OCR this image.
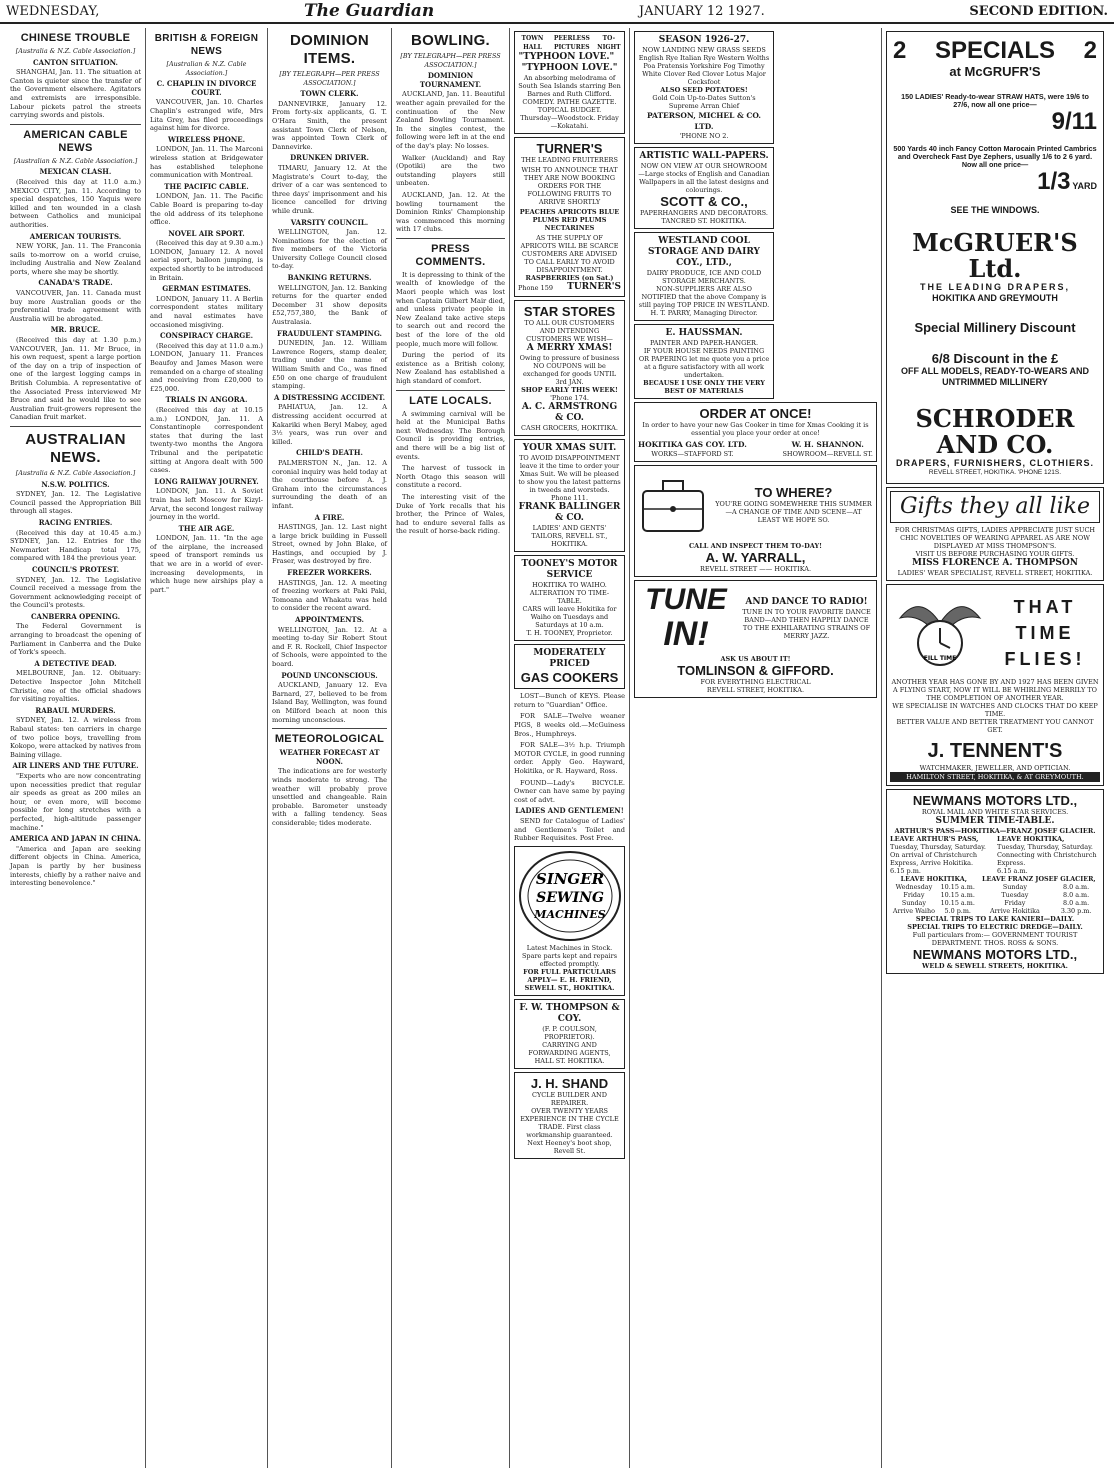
WEDNESDAY,	The Guardian	JANUARY 12 1927.	SECOND EDITION.
CHINESE TROUBLE
[Australia & N.Z. Cable Association.]
CANTON SITUATION.

SHANGHAI, Jan. 11. The situation at Canton is quieter since the transfer of the Government elsewhere. Agitators and extremists are irresponsible. Labour pickets patrol the streets carrying swords and pistols.

AMERICAN CABLE NEWS
[Australian & N.Z. Cable Association.]
MEXICAN CLASH.

(Received this day at 11.0 a.m.) MEXICO CITY, Jan. 11. According to special despatches, 150 Yaquis were killed and ten wounded in a clash between Catholics and municipal authorities.

AMERICAN TOURISTS.

NEW YORK, Jan. 11. The Franconia sails to-morrow on a world cruise, including Australia and New Zealand ports, where she may be shortly.

CANADA'S TRADE.

VANCOUVER, Jan. 11. Canada must buy more Australian goods or the preferential trade agreement with Australia will be abrogated.

MR. BRUCE.

(Received this day at 1.30 p.m.) VANCOUVER, Jan. 11. Mr Bruce, in his own request, spent a large portion of the day on a trip of inspection of one of the largest logging camps in British Columbia. A representative of the Associated Press interviewed Mr Bruce and said he would like to see Australian fruit-growers represent the Canadian fruit market.

AUSTRALIAN NEWS.
[Australia & N.Z. Cable Association.]
N.S.W. POLITICS.

SYDNEY, Jan. 12. The Legislative Council passed the Appropriation Bill through all stages.

RACING ENTRIES.

(Received this day at 10.45 a.m.) SYDNEY, Jan. 12. Entries for the Newmarket Handicap total 175, compared with 184 the previous year.

COUNCIL'S PROTEST.

SYDNEY, Jan. 12. The Legislative Council received a message from the Government acknowledging receipt of the Council's protests.

CANBERRA OPENING.

The Federal Government is arranging to broadcast the opening of Parliament in Canberra and the Duke of York's speech.

A DETECTIVE DEAD.

MELBOURNE, Jan. 12. Obituary: Detective Inspector John Mitchell Christie, one of the official shadows for visiting royalties.

RABAUL MURDERS.

SYDNEY, Jan. 12. A wireless from Rabaul states: ten carriers in charge of two police boys, travelling from Kokopo, were attacked by natives from Baining village.

AIR LINERS AND THE FUTURE.

"Experts who are now concentrating upon necessities predict that regular air speeds as great as 200 miles an hour, or even more, will become possible for long stretches with a perfected, high-altitude passenger machine."

AMERICA AND JAPAN IN CHINA.

"America and Japan are seeking different objects in China. America, Japan is partly by her business interests, chiefly by a rather naive and interesting benevolence."

BRITISH & FOREIGN NEWS
[Australian & N.Z. Cable Association.]
C. CHAPLIN IN DIVORCE COURT.

VANCOUVER, Jan. 10. Charles Chaplin's estranged wife, Mrs Lita Grey, has filed proceedings against him for divorce.

WIRELESS PHONE.

LONDON, Jan. 11. The Marconi wireless station at Bridgewater has established telephone communication with Montreal.

THE PACIFIC CABLE.

LONDON, Jan. 11. The Pacific Cable Board is preparing to-day the old address of its telephone office.

NOVEL AIR SPORT.

(Received this day at 9.30 a.m.) LONDON, January 12. A novel aerial sport, balloon jumping, is expected shortly to be introduced in Britain.

GERMAN ESTIMATES.

LONDON, January 11. A Berlin correspondent states military and naval estimates have occasioned misgiving.

CONSPIRACY CHARGE.

(Received this day at 11.0 a.m.) LONDON, January 11. Frances Beaufoy and James Mason were remanded on a charge of stealing and receiving from £20,000 to £25,000.

TRIALS IN ANGORA.

(Received this day at 10.15 a.m.) LONDON, Jan. 11. A Constantinople correspondent states that during the last twenty-two months the Angora Tribunal and the peripatetic sitting at Angora dealt with 500 cases.

LONG RAILWAY JOURNEY.

LONDON, Jan. 11. A Soviet train has left Moscow for Kizyl-Arvat, the second longest railway journey in the world.

THE AIR AGE.

LONDON, Jan. 11. "In the age of the airplane, the increased speed of transport reminds us that we are in a world of ever-increasing developments, in which huge new airships play a part."

DOMINION ITEMS.
[BY TELEGRAPH—PER PRESS ASSOCIATION.]
TOWN CLERK.

DANNEVIRKE, January 12. From forty-six applicants, G. T. O'Hara Smith, the present assistant Town Clerk of Nelson, was appointed Town Clerk of Dannevirke.

DRUNKEN DRIVER.

TIMARU, January 12. At the Magistrate's Court to-day, the driver of a car was sentenced to three days' imprisonment and his licence cancelled for driving while drunk.

VARSITY COUNCIL.

WELLINGTON, Jan. 12. Nominations for the election of five members of the Victoria University College Council closed to-day.

BANKING RETURNS.

WELLINGTON, Jan. 12. Banking returns for the quarter ended December 31 show deposits £52,757,380, the Bank of Australasia.

FRAUDULENT STAMPING.

DUNEDIN, Jan. 12. William Lawrence Rogers, stamp dealer, trading under the name of William Smith and Co., was fined £50 on one charge of fraudulent stamping.

A DISTRESSING ACCIDENT.

PAHIATUA, Jan. 12. A distressing accident occurred at Kakariki when Beryl Mabey, aged 3½ years, was run over and killed.

CHILD'S DEATH.

PALMERSTON N., Jan. 12. A coronial inquiry was held today at the courthouse before A. J. Graham into the circumstances surrounding the death of an infant.

A FIRE.

HASTINGS, Jan. 12. Last night a large brick building in Fussell Street, owned by John Blake, of Hastings, and occupied by J. Fraser, was destroyed by fire.

FREEZER WORKERS.

HASTINGS, Jan. 12. A meeting of freezing workers at Paki Paki, Tomoana and Whakatu was held to consider the recent award.

APPOINTMENTS.

WELLINGTON, Jan. 12. At a meeting to-day Sir Robert Stout and F. R. Rockell, Chief Inspector of Schools, were appointed to the board.

POUND UNCONSCIOUS.

AUCKLAND, January 12. Eva Barnard, 27, believed to be from Island Bay, Wellington, was found on Milford beach at noon this morning unconscious.

METEOROLOGICAL
WEATHER FORECAST AT NOON.

The indications are for westerly winds moderate to strong. The weather will probably prove unsettled and changeable. Rain probable. Barometer unsteady with a falling tendency. Seas considerable; tides moderate.

BOWLING.
[BY TELEGRAPH—PER PRESS ASSOCIATION.]
DOMINION TOURNAMENT.

AUCKLAND, Jan. 11. Beautiful weather again prevailed for the continuation of the New Zealand Bowling Tournament. In the singles contest, the following were left in at the end of the day's play: No losses.

Walker (Auckland) and Ray (Opotiki) are the two outstanding players still unbeaten.

AUCKLAND, Jan. 12. At the bowling tournament the Dominion Rinks' Championship was commenced this morning with 17 clubs.

PRESS COMMENTS.

It is depressing to think of the wealth of knowledge of the Maori people which was lost when Captain Gilbert Mair died, and unless private people in New Zealand take active steps to search out and record the best of the lore of the old people, much more will follow.

During the period of its existence as a British colony, New Zealand has established a high standard of comfort.

LATE LOCALS.

A swimming carnival will be held at the Municipal Baths next Wednesday. The Borough Council is providing entries, and there will be a big list of events.

The harvest of tussock in North Otago this season will constitute a record.

The interesting visit of the Duke of York recalls that his brother, the Prince of Wales, had to endure several falls as the result of horse-back riding.

TOWN HALL
PEERLESS PICTURES
TO-NIGHT
"TYPHOON LOVE."   "TYPHOON LOVE."
An absorbing melodrama of South Sea Islands starring Ben Barnes and Ruth Clifford.
COMEDY. PATHE GAZETTE. TOPICAL BUDGET.
Thursday—Woodstock. Friday—Kokatahi.
TURNER'S
THE LEADING FRUITERERS
WISH TO ANNOUNCE THAT THEY ARE NOW BOOKING ORDERS FOR THE FOLLOWING FRUITS TO ARRIVE SHORTLY
PEACHES APRICOTS BLUE PLUMS RED PLUMS NECTARINES
AS THE SUPPLY OF APRICOTS WILL BE SCARCE CUSTOMERS ARE ADVISED TO CALL EARLY TO AVOID DISAPPOINTMENT.
RASPBERRIES (on Sat.)
Phone 159 TURNER'S
STAR STORES
TO ALL OUR CUSTOMERS AND INTENDING CUSTOMERS WE WISH—
A MERRY XMAS!
Owing to pressure of business NO COUPONS will be exchanged for goods UNTIL 3rd JAN.
SHOP EARLY THIS WEEK!
'Phone 174.
A. C. ARMSTRONG & CO.
CASH GROCERS, HOKITIKA.
YOUR XMAS SUIT.
TO AVOID DISAPPOINTMENT leave it the time to order your Xmas Suit. We will be pleased to show you the latest patterns in tweeds and worsteds.
Phone 111.
FRANK BALLINGER & CO.
LADIES' AND GENTS' TAILORS, REVELL ST., HOKITIKA.
TOONEY'S MOTOR SERVICE
HOKITIKA TO WAIHO.
ALTERATION TO TIME-TABLE.
CARS will leave Hokitika for Waiho on Tuesdays and Saturdays at 10 a.m.
T. H. TOONEY, Proprietor.
MODERATELY PRICED
GAS COOKERS

LOST—Bunch of KEYS. Please return to "Guardian" Office.

FOR SALE—Twelve weaner PIGS, 8 weeks old.—McGuiness Bros., Humphreys.

FOR SALE—3½ h.p. Triumph MOTOR CYCLE, in good running order. Apply Geo. Hayward, Hokitika, or R. Hayward, Ross.

FOUND—Lady's BICYCLE. Owner can have same by paying cost of advt.

LADIES AND GENTLEMEN!

SEND for Catalogue of Ladies' and Gentlemen's Toilet and Rubber Requisites. Post Free.

SINGER
SEWING
MACHINES
Latest Machines in Stock. Spare parts kept and repairs effected promptly.
FOR FULL PARTICULARS APPLY— E. H. FRIEND, SEWELL ST., HOKITIKA.
F. W. THOMPSON & COY.
(F. P. COULSON, PROPRIETOR).
CARRYING AND FORWARDING AGENTS, HALL ST. HOKITIKA.
J. H. SHAND
CYCLE BUILDER AND REPAIRER.
OVER TWENTY YEARS EXPERIENCE IN THE CYCLE TRADE. First class workmanship guaranteed.
Next Heeney's boot shop, Revell St.
SEASON 1926-27.
NOW LANDING NEW GRASS SEEDS
English Rye Italian Rye Western Wolths Poa Pratensis Yorkshire Fog Timothy White Clover Red Clover Lotus Major Cocksfoot
ALSO SEED POTATOES!
Gold Coin Up-to-Dates Sutton's Supreme Arran Chief
PATERSON, MICHEL & CO. LTD.
'PHONE NO 2.
ARTISTIC WALL-PAPERS.
NOW ON VIEW AT OUR SHOWROOM—Large stocks of English and Canadian Wallpapers in all the latest designs and colourings.
SCOTT & CO.,
PAPERHANGERS AND DECORATORS. TANCRED ST. HOKITIKA.
WESTLAND COOL STORAGE AND DAIRY COY., LTD.,
DAIRY PRODUCE, ICE AND COLD STORAGE MERCHANTS.
NON-SUPPLIERS ARE ALSO NOTIFIED that the above Company is still paying TOP PRICE IN WESTLAND.
H. T. PARRY, Managing Director.
E. HAUSSMAN.
PAINTER AND PAPER-HANGER.
IF YOUR HOUSE NEEDS PAINTING OR PAPERING let me quote you a price at a figure satisfactory with all work undertaken.
BECAUSE I USE ONLY THE VERY BEST OF MATERIALS
ORDER AT ONCE!
In order to have your new Gas Cooker in time for Xmas Cooking it is essential you place your order at once!
HOKITIKA GAS COY. LTD.
WORKS—STAFFORD ST.
W. H. SHANNON.
SHOWROOM—REVELL ST.
TO WHERE?
YOU'RE GOING SOMEWHERE THIS SUMMER—A CHANGE OF TIME AND SCENE—AT LEAST WE HOPE SO.
CALL AND INSPECT THEM TO-DAY!
A. W. YARRALL,
REVELL STREET —— HOKITIKA.
TUNE
IN!
AND DANCE TO RADIO!
TUNE IN TO YOUR FAVORITE DANCE BAND—AND THEN HAPPILY DANCE TO THE EXHILARATING STRAINS OF MERRY JAZZ.
ASK US ABOUT IT!
TOMLINSON & GIFFORD.
FOR EVERYTHING ELECTRICAL
REVELL STREET, HOKITIKA.
2 SPECIALS 2
at McGRUFR'S
150 LADIES' Ready-to-wear STRAW HATS, were 19/6 to 27/6, now all one price—
9/11
500 Yards 40 inch Fancy Cotton Marocain Printed Cambrics and Overcheck Fast Dye Zephers, usually 1/6 to 2 6 yard. Now all one price—
1/3 YARD
SEE THE WINDOWS.
McGRUER'S Ltd.
THE LEADING DRAPERS,
HOKITIKA AND GREYMOUTH
Special Millinery Discount
6/8 Discount in the £
OFF ALL MODELS, READY-TO-WEARS AND UNTRIMMED MILLINERY
SCHRODER AND CO.
DRAPERS, FURNISHERS, CLOTHIERS.
REVELL STREET, HOKITIKA. 'PHONE 121S.
Gifts they all like
FOR CHRISTMAS GIFTS, LADIES APPRECIATE JUST SUCH CHIC NOVELTIES OF WEARING APPAREL AS ARE NOW DISPLAYED AT MISS THOMPSON'S.
VISIT US BEFORE PURCHASING YOUR GIFTS.
MISS FLORENCE A. THOMPSON
LADIES' WEAR SPECIALIST, REVELL STREET, HOKITIKA.
FILL TIME
THAT
TIME
FLIES!
ANOTHER YEAR HAS GONE BY AND 1927 HAS BEEN GIVEN A FLYING START, NOW IT WILL BE WHIRLING MERRILY TO THE COMPLETION OF ANOTHER YEAR.
WE SPECIALISE IN WATCHES AND CLOCKS THAT DO KEEP TIME.
BETTER VALUE AND BETTER TREATMENT YOU CANNOT GET.
J. TENNENT'S
WATCHMAKER, JEWELLER, AND OPTICIAN.
HAMILTON STREET, HOKITIKA, & AT GREYMOUTH.
NEWMANS MOTORS LTD.,
ROYAL MAIL AND WHITE STAR SERVICES.
SUMMER TIME-TABLE.
ARTHUR'S PASS—HOKITIKA—FRANZ JOSEF GLACIER.
LEAVE ARTHUR'S PASS,
Tuesday, Thursday, Saturday. On arrival of Christchurch Express, Arrive Hokitika.
6.15 p.m.
LEAVE HOKITIKA,
Tuesday, Thursday, Saturday. Connecting with Christchurch Express.
6.15 a.m.
LEAVE HOKITIKA,		LEAVE FRANZ JOSEF GLACIER,	
Wednesday	10.15 a.m.	Sunday	8.0 a.m.
Friday	10.15 a.m.	Tuesday	8.0 a.m.
Sunday	10.15 a.m.	Friday	8.0 a.m.
Arrive Waiho	5.0 p.m.	Arrive Hokitika	3.30 p.m.
SPECIAL TRIPS TO LAKE KANIERI—DAILY.
SPECIAL TRIPS TO ELECTRIC DREDGE—DAILY.
Full particulars from:— GOVERNMENT TOURIST DEPARTMENT. THOS. ROSS & SONS.
NEWMANS MOTORS LTD.,
WELD & SEWELL STREETS, HOKITIKA.
